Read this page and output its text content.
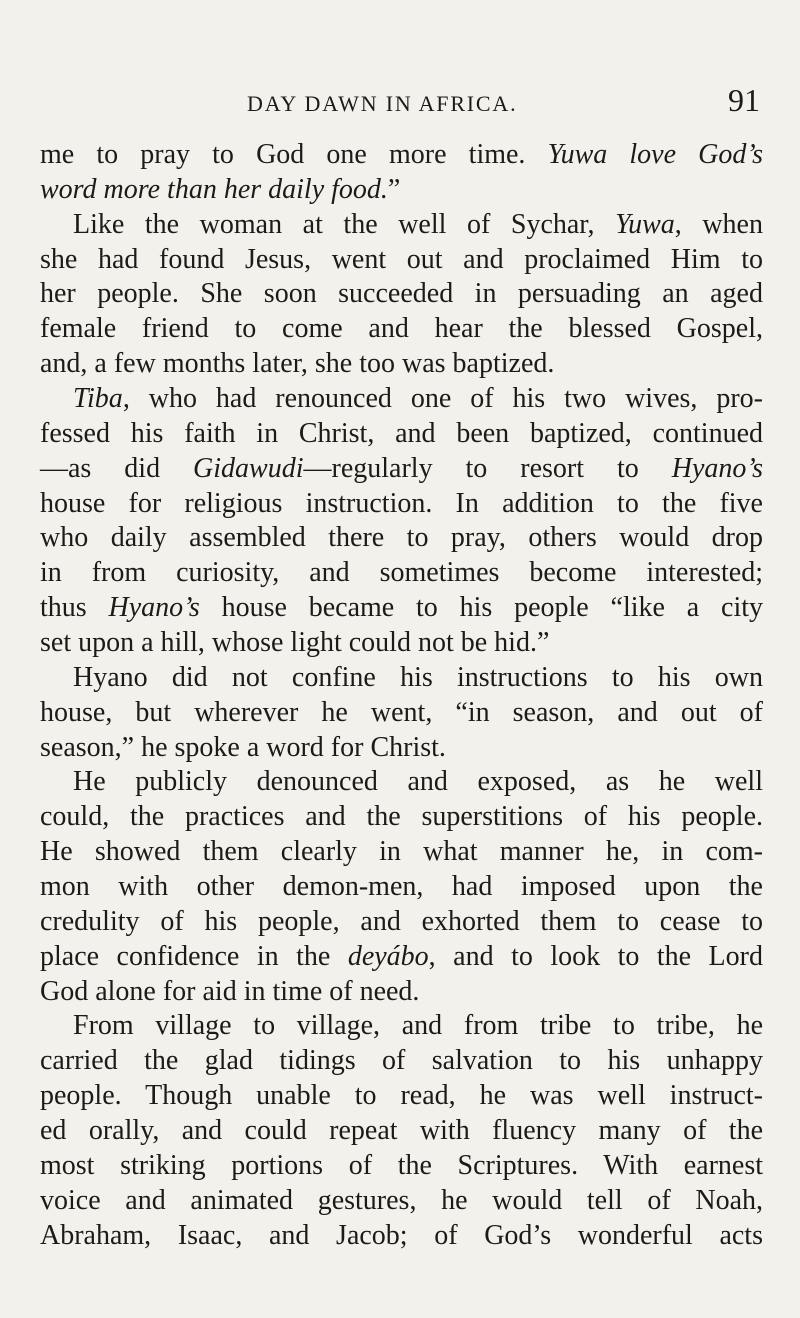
DAY DAWN IN AFRICA.	91
me to pray to God one more time. Yuwa love God’s
word more than her daily food.”
Like the woman at the well of Sychar, Yuwa, when
she had found Jesus, went out and proclaimed Him to
her people. She soon succeeded in persuading an aged
female friend to come and hear the blessed Gospel,
and, a few months later, she too was baptized.
Tiba, who had renounced one of his two wives, pro-
fessed his faith in Christ, and been baptized, continued
—as did Gidawudi—regularly to resort to Hyano’s
house for religious instruction. In addition to the five
who daily assembled there to pray, others would drop
in from curiosity, and sometimes become interested;
thus Hyano’s house became to his people “like a city
set upon a hill, whose light could not be hid.”
Hyano did not confine his instructions to his own
house, but wherever he went, “in season, and out of
season,” he spoke a word for Christ.
He publicly denounced and exposed, as he well
could, the practices and the superstitions of his people.
He showed them clearly in what manner he, in com-
mon with other demon-men, had imposed upon the
credulity of his people, and exhorted them to cease to
place confidence in the deyábo, and to look to the Lord
God alone for aid in time of need.
From village to village, and from tribe to tribe, he
carried the glad tidings of salvation to his unhappy
people. Though unable to read, he was well instruct-
ed orally, and could repeat with fluency many of the
most striking portions of the Scriptures. With earnest
voice and animated gestures, he would tell of Noah,
Abraham, Isaac, and Jacob; of God’s wonderful acts
